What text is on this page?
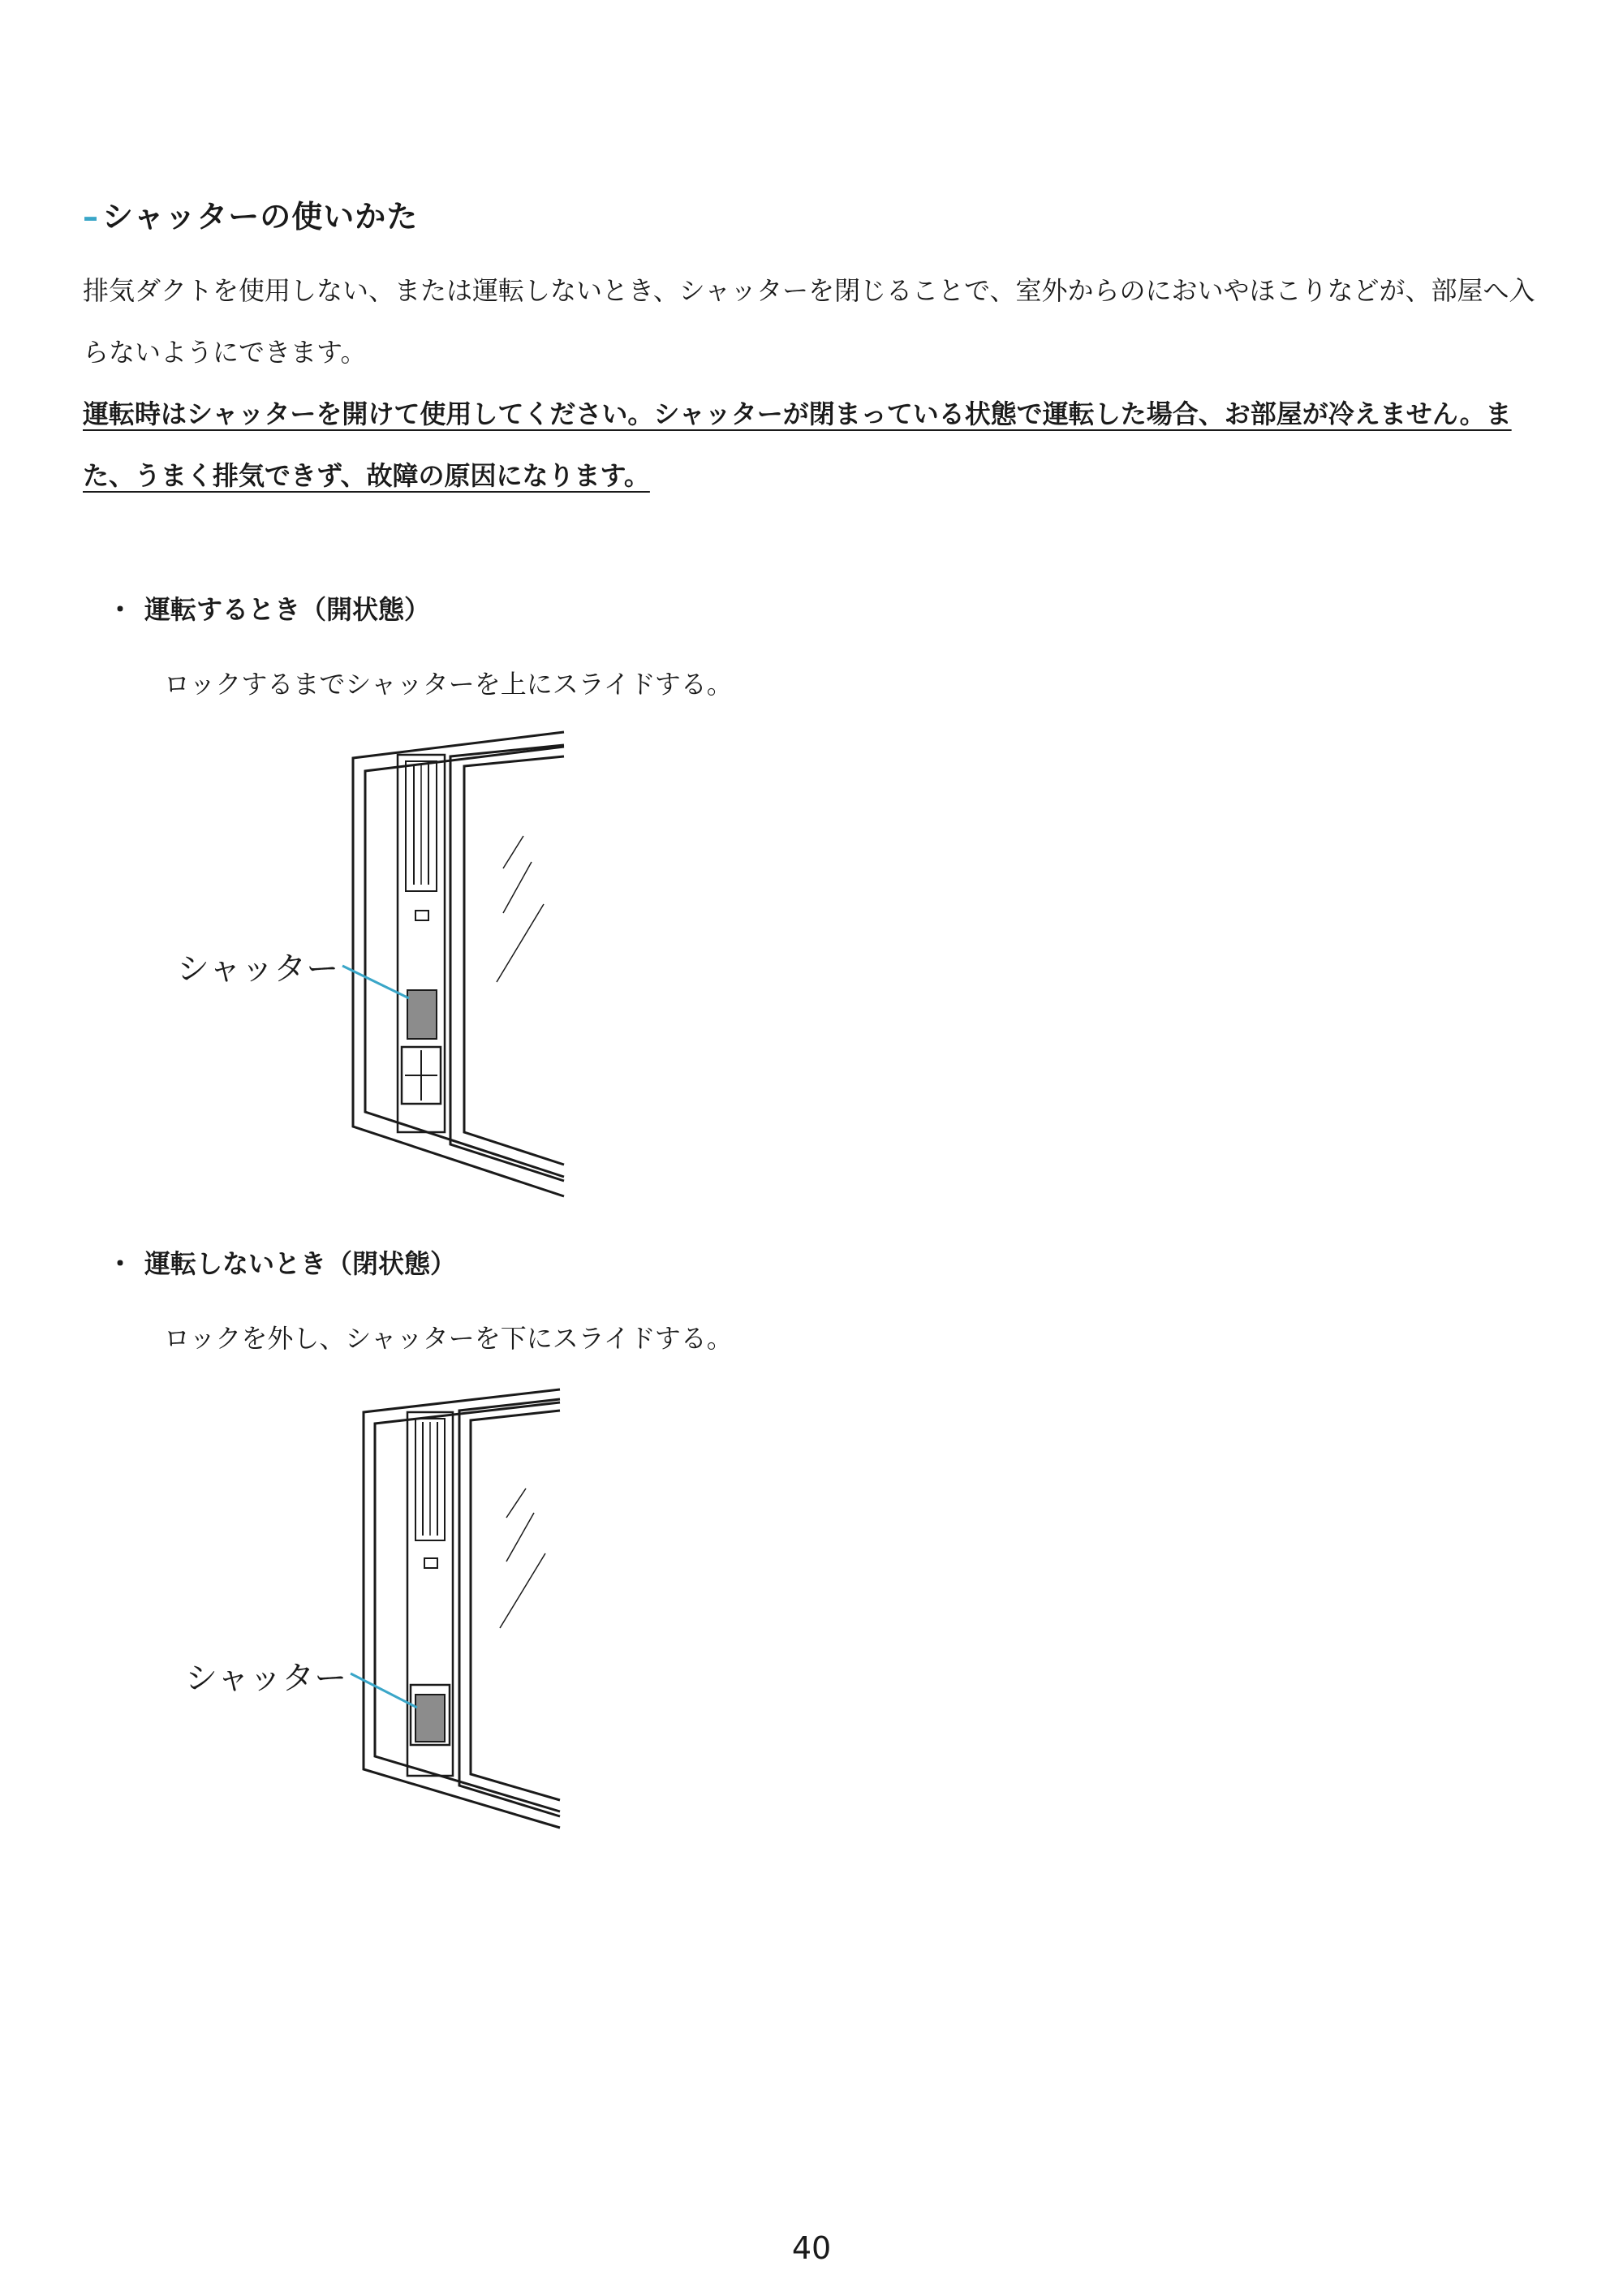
– シャッターの使いかた
排気ダクトを使用しない、または運転しないとき、シャッターを閉じることで、室外からのにおいやほこりなどが、部屋へ入らないようにできます。
運転時はシャッターを開けて使用してください。シャッターが閉まっている状態で運転した場合、お部屋が冷えません。また、うまく排気できず、故障の原因になります。
・ 運転するとき（開状態）
ロックするまでシャッターを上にスライドする。
シャッター
・ 運転しないとき（閉状態）
ロックを外し、シャッターを下にスライドする。
シャッター
40
